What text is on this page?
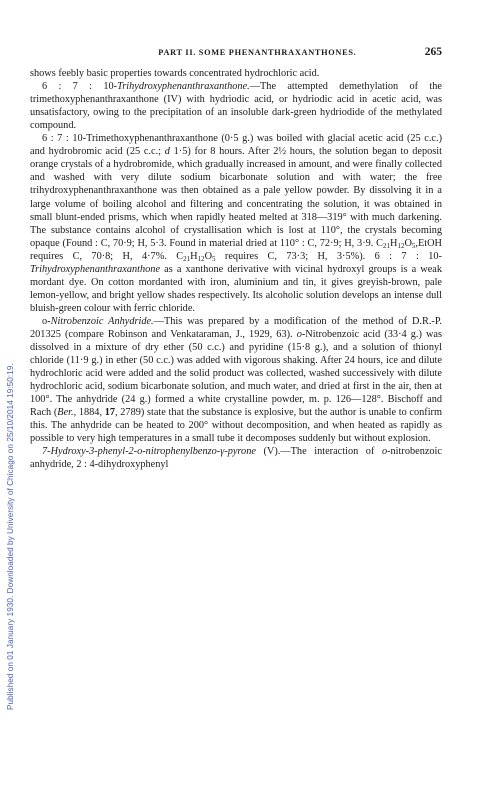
Published on 01 January 1930. Downloaded by University of Chicago on 25/10/2014 19:50:19.
PART II. SOME PHENANTHRAXANTHONES.	265

shows feebly basic properties towards concentrated hydrochloric acid.

6 : 7 : 10-Trihydroxyphenanthraxanthone.—The attempted demethylation of the trimethoxyphenanthraxanthone (IV) with hydriodic acid, or hydriodic acid in acetic acid, was unsatisfactory, owing to the precipitation of an insoluble dark-green hydriodide of the methylated compound.

6 : 7 : 10-Trimethoxyphenanthraxanthone (0·5 g.) was boiled with glacial acetic acid (25 c.c.) and hydrobromic acid (25 c.c.; d 1·5) for 8 hours. After 2½ hours, the solution began to deposit orange crystals of a hydrobromide, which gradually increased in amount, and were finally collected and washed with very dilute sodium bicarbonate solution and with water; the free trihydroxyphenanthraxanthone was then obtained as a pale yellow powder. By dissolving it in a large volume of boiling alcohol and filtering and concentrating the solution, it was obtained in small blunt-ended prisms, which when rapidly heated melted at 318—319° with much darkening. The substance contains alcohol of crystallisation which is lost at 110°, the crystals becoming opaque (Found : C, 70·9; H, 5·3. Found in material dried at 110° : C, 72·9; H, 3·9. $C_{21}H_{12}O_5,EtOH$ requires C, 70·8; H, 4·7%. $C_{21}H_{12}O_5$ requires C, 73·3; H, 3·5%). 6 : 7 : 10-Trihydroxyphenanthraxanthone as a xanthone derivative with vicinal hydroxyl groups is a weak mordant dye. On cotton mordanted with iron, aluminium and tin, it gives greyish-brown, pale lemon-yellow, and bright yellow shades respectively. Its alcoholic solution develops an intense dull bluish-green colour with ferric chloride.

o-Nitrobenzoic Anhydride.—This was prepared by a modification of the method of D.R.-P. 201325 (compare Robinson and Venkataraman, J., 1929, 63). o-Nitrobenzoic acid (33·4 g.) was dissolved in a mixture of dry ether (50 c.c.) and pyridine (15·8 g.), and a solution of thionyl chloride (11·9 g.) in ether (50 c.c.) was added with vigorous shaking. After 24 hours, ice and dilute hydrochloric acid were added and the solid product was collected, washed successively with dilute hydrochloric acid, sodium bicarbonate solution, and much water, and dried at first in the air, then at 100°. The anhydride (24 g.) formed a white crystalline powder, m. p. 126—128°. Bischoff and Rach (Ber., 1884, 17, 2789) state that the substance is explosive, but the author is unable to confirm this. The anhydride can be heated to 200° without decomposition, and when heated as rapidly as possible to very high temperatures in a small tube it decomposes suddenly but without explosion.

7-Hydroxy-3-phenyl-2-o-nitrophenylbenzo-γ-pyrone (V).—The interaction of o-nitrobenzoic anhydride, 2 : 4-dihydroxyphenyl
